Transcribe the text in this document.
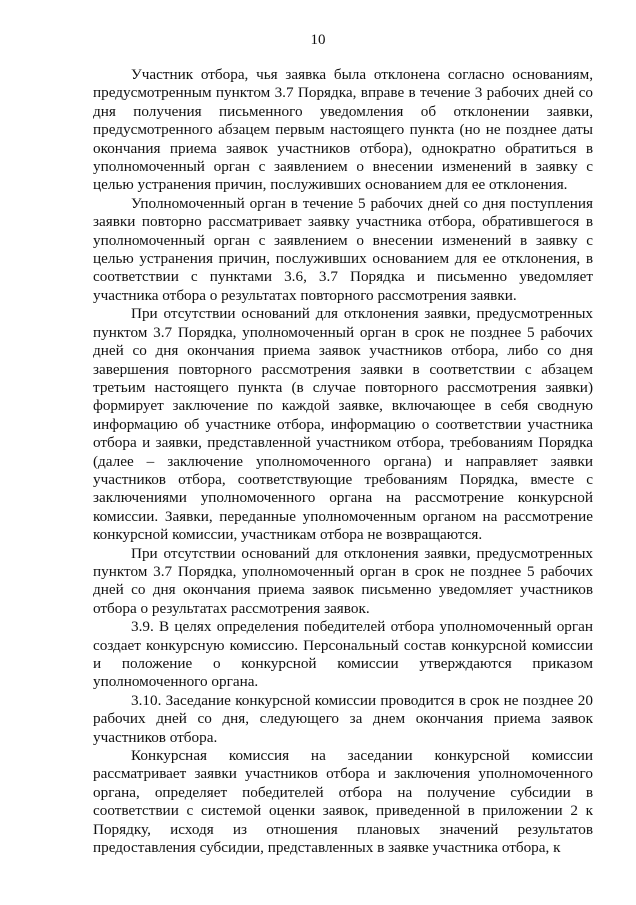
10

Участник отбора, чья заявка была отклонена согласно основаниям, предусмотренным пунктом 3.7 Порядка, вправе в течение 3 рабочих дней со дня получения письменного уведомления об отклонении заявки, предусмотренного абзацем первым настоящего пункта (но не позднее даты окончания приема заявок участников отбора), однократно обратиться в уполномоченный орган с заявлением о внесении изменений в заявку с целью устранения причин, послуживших основанием для ее отклонения.

Уполномоченный орган в течение 5 рабочих дней со дня поступления заявки повторно рассматривает заявку участника отбора, обратившегося в уполномоченный орган с заявлением о внесении изменений в заявку с целью устранения причин, послуживших основанием для ее отклонения, в соответствии с пунктами 3.6, 3.7 Порядка и письменно уведомляет участника отбора о результатах повторного рассмотрения заявки.

При отсутствии оснований для отклонения заявки, предусмотренных пунктом 3.7 Порядка, уполномоченный орган в срок не позднее 5 рабочих дней со дня окончания приема заявок участников отбора, либо со дня завершения повторного рассмотрения заявки в соответствии с абзацем третьим настоящего пункта (в случае повторного рассмотрения заявки) формирует заключение по каждой заявке, включающее в себя сводную информацию об участнике отбора, информацию о соответствии участника отбора и заявки, представленной участником отбора, требованиям Порядка (далее – заключение уполномоченного органа) и направляет заявки участников отбора, соответствующие требованиям Порядка, вместе с заключениями уполномоченного органа на рассмотрение конкурсной комиссии. Заявки, переданные уполномоченным органом на рассмотрение конкурсной комиссии, участникам отбора не возвращаются.

При отсутствии оснований для отклонения заявки, предусмотренных пунктом 3.7 Порядка, уполномоченный орган в срок не позднее 5 рабочих дней со дня окончания приема заявок письменно уведомляет участников отбора о результатах рассмотрения заявок.

3.9. В целях определения победителей отбора уполномоченный орган создает конкурсную комиссию. Персональный состав конкурсной комиссии и положение о конкурсной комиссии утверждаются приказом уполномоченного органа.

3.10. Заседание конкурсной комиссии проводится в срок не позднее 20 рабочих дней со дня, следующего за днем окончания приема заявок участников отбора.

Конкурсная комиссия на заседании конкурсной комиссии рассматривает заявки участников отбора и заключения уполномоченного органа, определяет победителей отбора на получение субсидии в соответствии с системой оценки заявок, приведенной в приложении 2 к Порядку, исходя из отношения плановых значений результатов предоставления субсидии, представленных в заявке участника отбора, к
